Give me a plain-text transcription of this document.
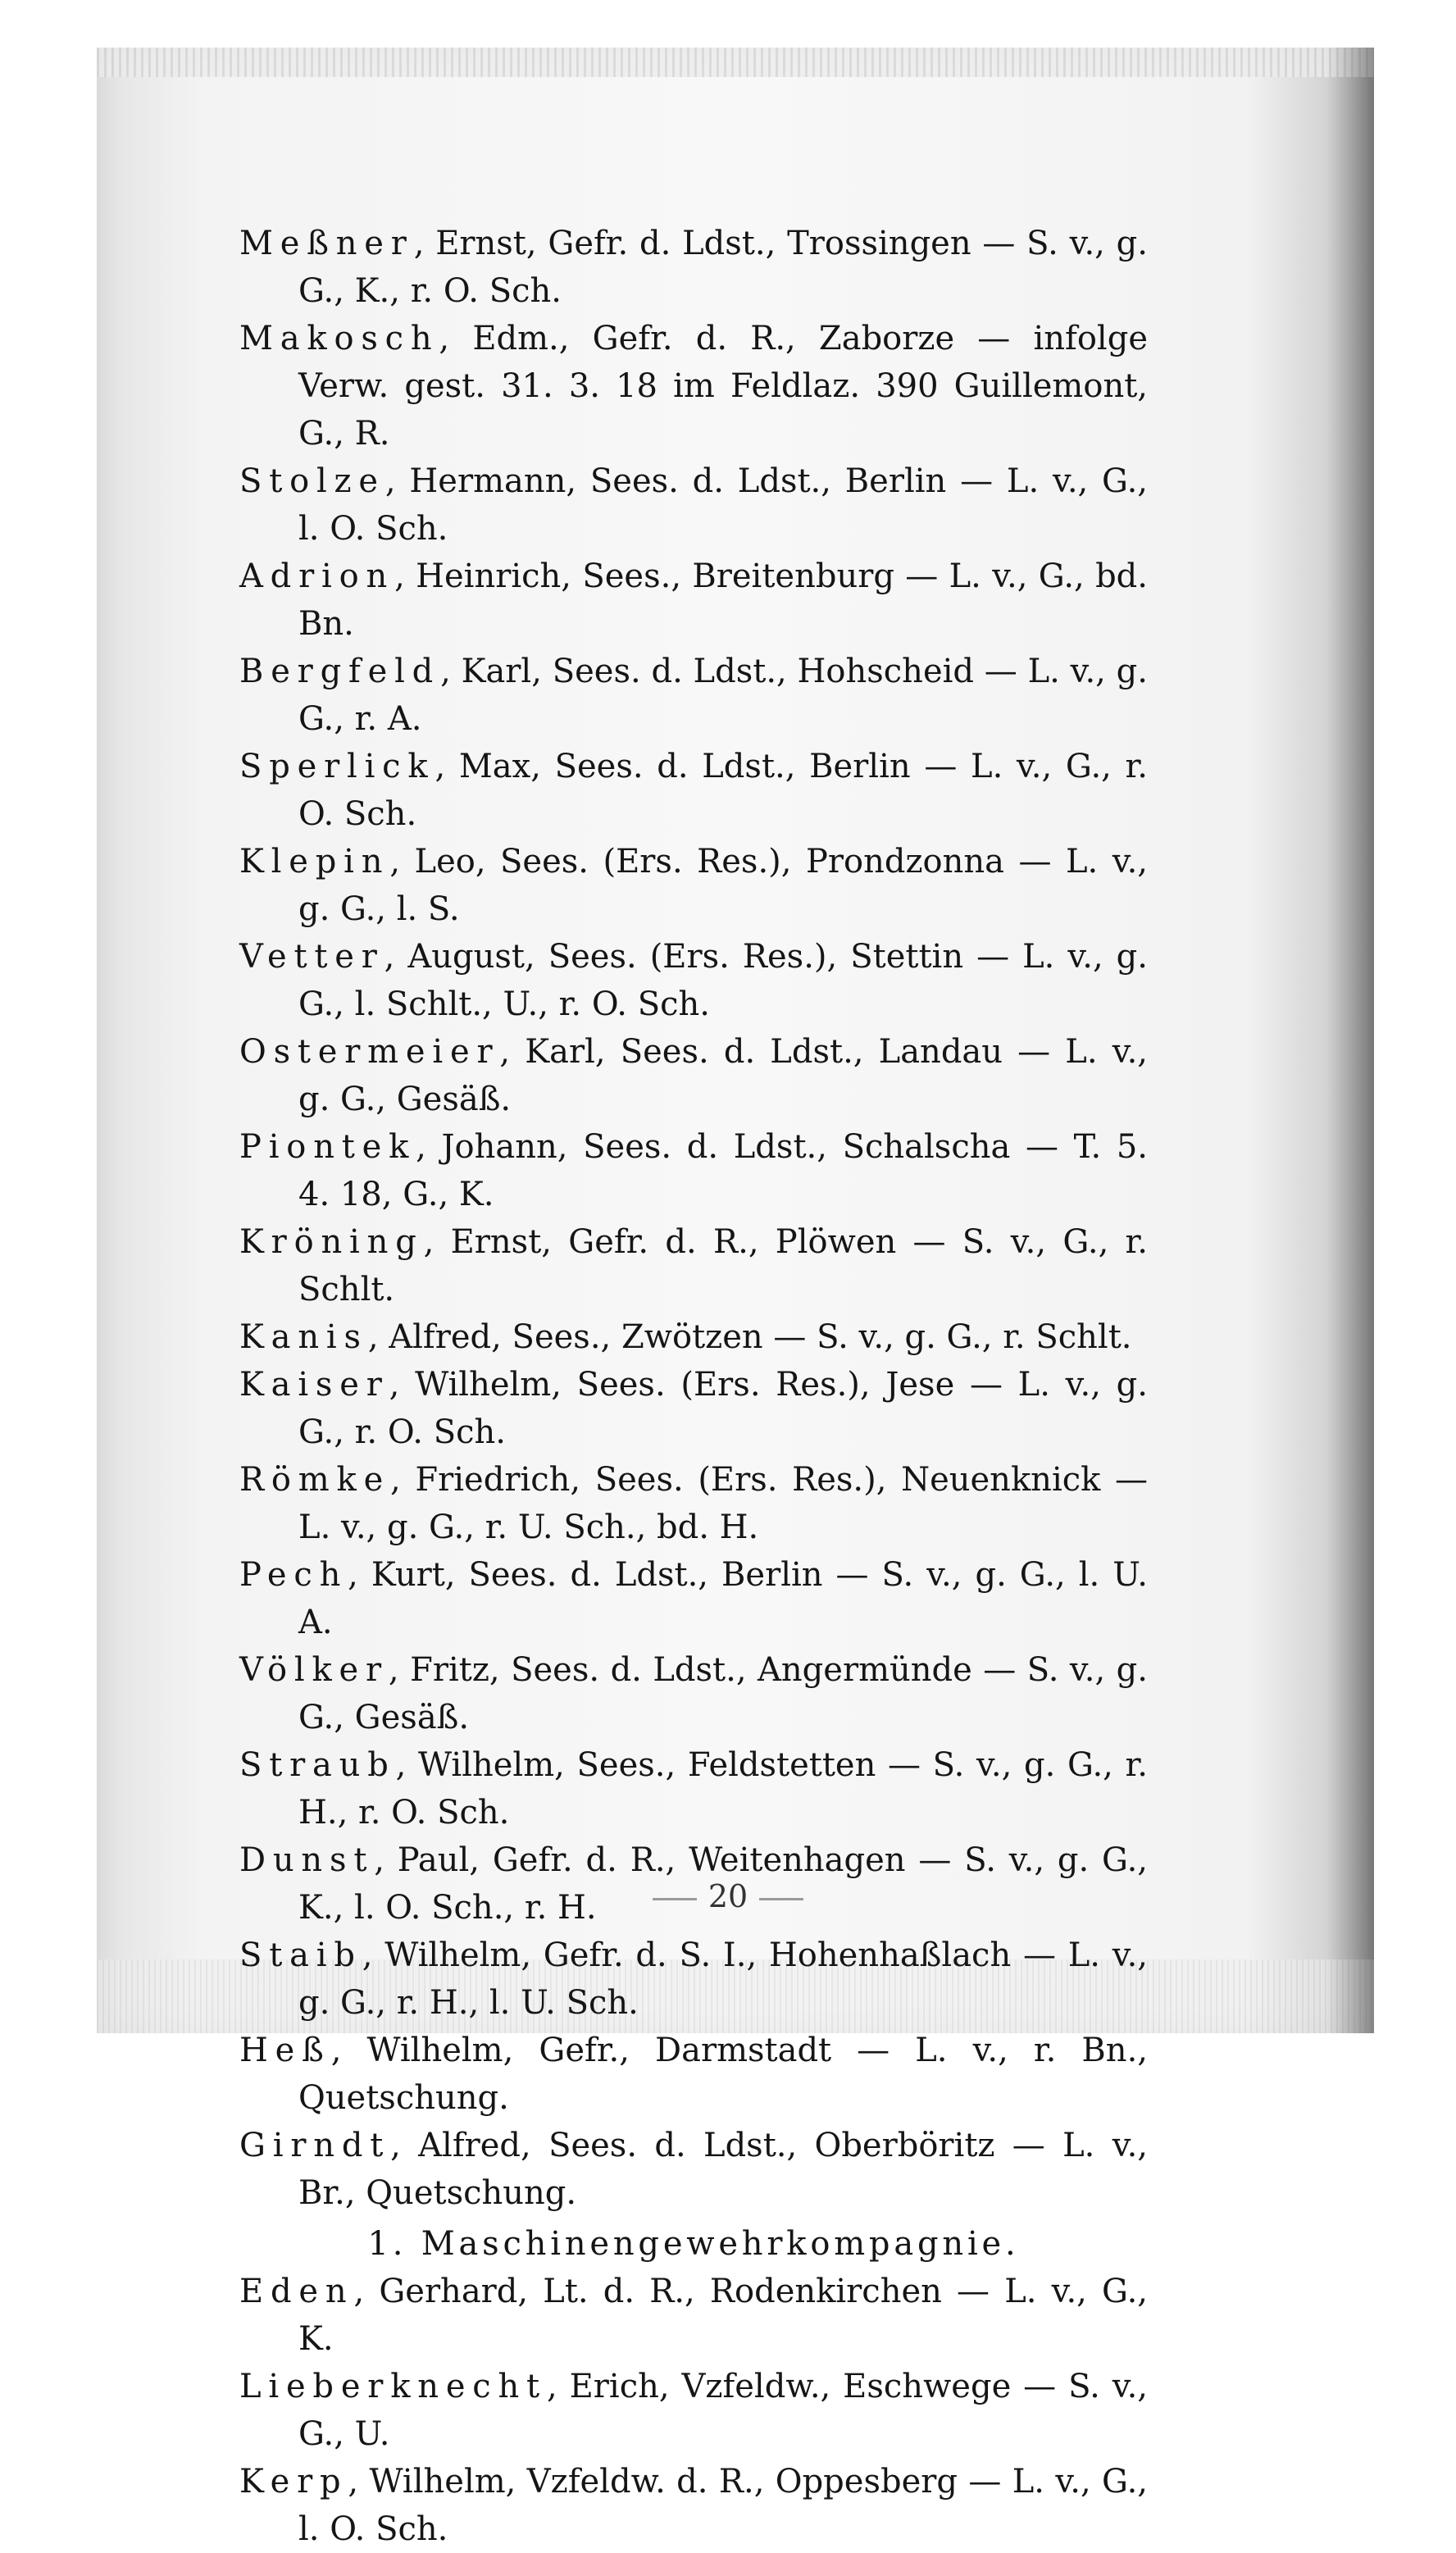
Meßner, Ernst, Gefr. d. Ldst., Trossingen — S. v., g. G., K., r. O. Sch.

Makosch, Edm., Gefr. d. R., Zaborze — infolge Verw. gest. 31. 3. 18 im Feldlaz. 390 Guillemont, G., R.

Stolze, Hermann, Sees. d. Ldst., Berlin — L. v., G., l. O. Sch.

Adrion, Heinrich, Sees., Breitenburg — L. v., G., bd. Bn.

Bergfeld, Karl, Sees. d. Ldst., Hohscheid — L. v., g. G., r. A.

Sperlick, Max, Sees. d. Ldst., Berlin — L. v., G., r. O. Sch.

Klepin, Leo, Sees. (Ers. Res.), Prondzonna — L. v., g. G., l. S.

Vetter, August, Sees. (Ers. Res.), Stettin — L. v., g. G., l. Schlt., U., r. O. Sch.

Ostermeier, Karl, Sees. d. Ldst., Landau — L. v., g. G., Gesäß.

Piontek, Johann, Sees. d. Ldst., Schalscha — T. 5. 4. 18, G., K.

Kröning, Ernst, Gefr. d. R., Plöwen — S. v., G., r. Schlt.

Kanis, Alfred, Sees., Zwötzen — S. v., g. G., r. Schlt.

Kaiser, Wilhelm, Sees. (Ers. Res.), Jese — L. v., g. G., r. O. Sch.

Römke, Friedrich, Sees. (Ers. Res.), Neuenknick — L. v., g. G., r. U. Sch., bd. H.

Pech, Kurt, Sees. d. Ldst., Berlin — S. v., g. G., l. U. A.

Völker, Fritz, Sees. d. Ldst., Angermünde — S. v., g. G., Gesäß.

Straub, Wilhelm, Sees., Feldstetten — S. v., g. G., r. H., r. O. Sch.

Dunst, Paul, Gefr. d. R., Weitenhagen — S. v., g. G., K., l. O. Sch., r. H.

Staib, Wilhelm, Gefr. d. S. I., Hohenhaßlach — L. v., g. G., r. H., l. U. Sch.

Heß, Wilhelm, Gefr., Darmstadt — L. v., r. Bn., Quetschung.

Girndt, Alfred, Sees. d. Ldst., Oberböritz — L. v., Br., Quetschung.

1. Maschinengewehrkompagnie.

Eden, Gerhard, Lt. d. R., Rodenkirchen — L. v., G., K.

Lieberknecht, Erich, Vzfeldw., Eschwege — S. v., G., U.

Kerp, Wilhelm, Vzfeldw. d. R., Oppesberg — L. v., G., l. O. Sch.

20
